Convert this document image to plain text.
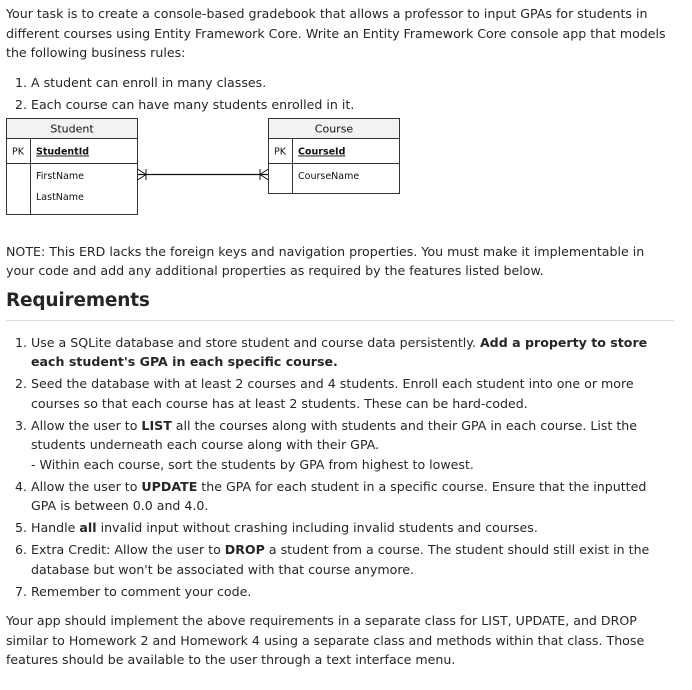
Your task is to create a console-based gradebook that allows a professor to input GPAs for students in different courses using Entity Framework Core. Write an Entity Framework Core console app that models the following business rules:

1. A student can enroll in many classes.
2. Each course can have many students enrolled in it.
Student
PK StudentId
FirstName
LastName
Course
PK CourseId
CourseName

NOTE: This ERD lacks the foreign keys and navigation properties. You must make it implementable in your code and add any additional properties as required by the features listed below.

Requirements
1. Use a SQLite database and store student and course data persistently. Add a property to store each student's GPA in each specific course.
2. Seed the database with at least 2 courses and 4 students. Enroll each student into one or more courses so that each course has at least 2 students. These can be hard-coded.
3. Allow the user to LIST all the courses along with students and their GPA in each course. List the students underneath each course along with their GPA.
- Within each course, sort the students by GPA from highest to lowest.
4. Allow the user to UPDATE the GPA for each student in a specific course. Ensure that the inputted GPA is between 0.0 and 4.0.
5. Handle all invalid input without crashing including invalid students and courses.
6. Extra Credit: Allow the user to DROP a student from a course. The student should still exist in the database but won't be associated with that course anymore.
7. Remember to comment your code.

Your app should implement the above requirements in a separate class for LIST, UPDATE, and DROP similar to Homework 2 and Homework 4 using a separate class and methods within that class. Those features should be available to the user through a text interface menu.
